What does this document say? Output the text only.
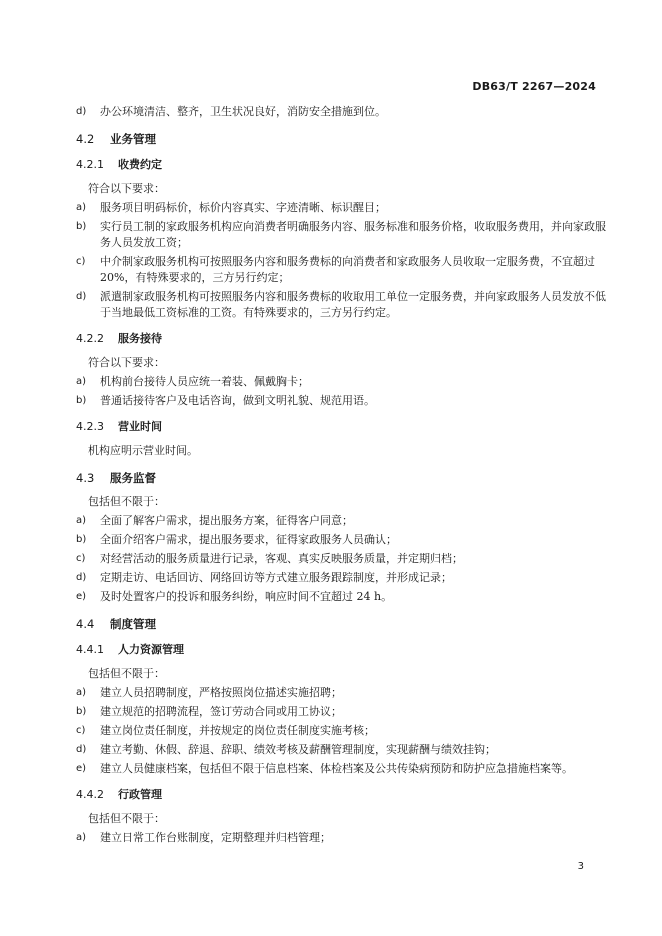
DB63/T 2267—2024
d) 办公环境清洁、整齐，卫生状况良好，消防安全措施到位。
4.2 业务管理
4.2.1 收费约定
符合以下要求：
a) 服务项目明码标价，标价内容真实、字迹清晰、标识醒目；
b) 实行员工制的家政服务机构应向消费者明确服务内容、服务标准和服务价格，收取服务费用，并向家政服务人员发放工资；
c) 中介制家政服务机构可按照服务内容和服务费标的向消费者和家政服务人员收取一定服务费，不宜超过 20%，有特殊要求的，三方另行约定；
d) 派遣制家政服务机构可按照服务内容和服务费标的收取用工单位一定服务费，并向家政服务人员发放不低于当地最低工资标准的工资。有特殊要求的，三方另行约定。
4.2.2 服务接待
符合以下要求：
a) 机构前台接待人员应统一着装、佩戴胸卡；
b) 普通话接待客户及电话咨询，做到文明礼貌、规范用语。
4.2.3 营业时间
机构应明示营业时间。
4.3 服务监督
包括但不限于：
a) 全面了解客户需求，提出服务方案，征得客户同意；
b) 全面介绍客户需求，提出服务要求，征得家政服务人员确认；
c) 对经营活动的服务质量进行记录，客观、真实反映服务质量，并定期归档；
d) 定期走访、电话回访、网络回访等方式建立服务跟踪制度，并形成记录；
e) 及时处置客户的投诉和服务纠纷，响应时间不宜超过 24 h。
4.4 制度管理
4.4.1 人力资源管理
包括但不限于：
a) 建立人员招聘制度，严格按照岗位描述实施招聘；
b) 建立规范的招聘流程，签订劳动合同或用工协议；
c) 建立岗位责任制度，并按规定的岗位责任制度实施考核；
d) 建立考勤、休假、辞退、辞职、绩效考核及薪酬管理制度，实现薪酬与绩效挂钩；
e) 建立人员健康档案，包括但不限于信息档案、体检档案及公共传染病预防和防护应急措施档案等。
4.4.2 行政管理
包括但不限于：
a) 建立日常工作台账制度，定期整理并归档管理；
3
